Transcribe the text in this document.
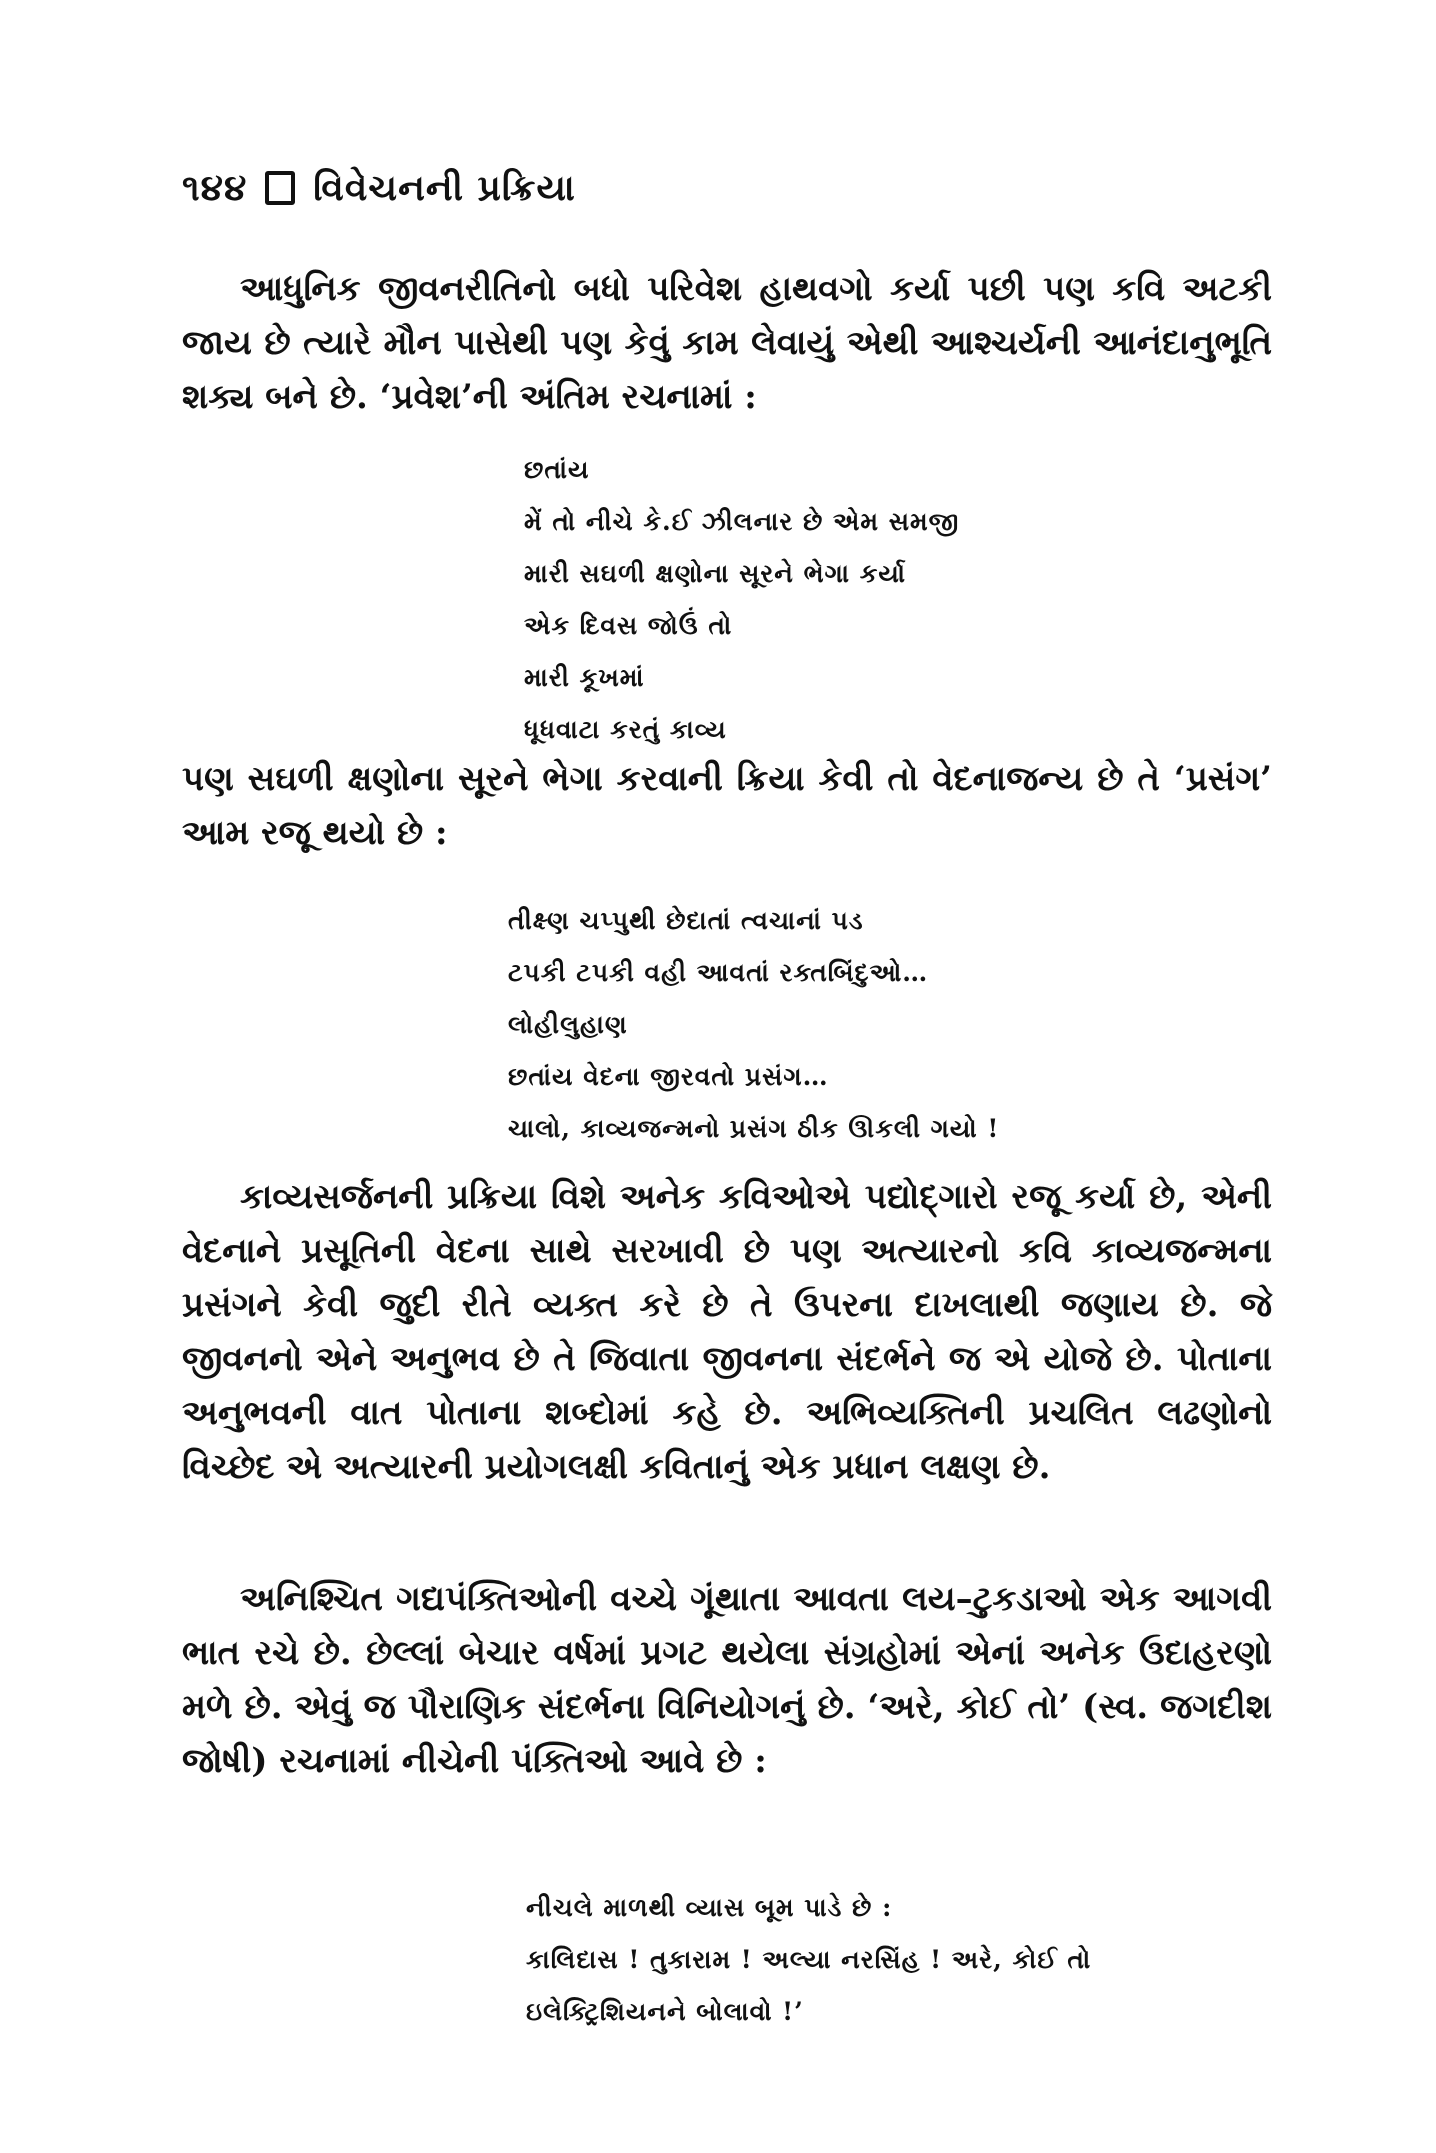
૧૪૪ વિવેચનની પ્રક્રિયા

આધુનિક જીવનરીતિનો બધો પરિવેશ હાથવગો કર્યા પછી પણ કવિ અટકી જાય છે ત્યારે મૌન પાસેથી પણ કેવું કામ લેવાયું એથી આશ્ચર્યની આનંદાનુભૂતિ શક્ય બને છે. ‘પ્રવેશ’ની અંતિમ રચનામાં :

છતાંય
મેં તો નીચે કે.ઈ ઝીલનાર છે એમ સમજી
મારી સઘળી ક્ષણોના સૂરને ભેગા કર્યા
એક દિવસ જોઉં તો
મારી કૂખમાં
ધૂધવાટા કરતું કાવ્ય

પણ સઘળી ક્ષણોના સૂરને ભેગા કરવાની ક્રિયા કેવી તો વેદનાજન્ય છે તે ‘પ્રસંગ’ આમ રજૂ થયો છે :

તીક્ષ્ણ ચપ્પુથી છેદાતાં ત્વચાનાં પડ
ટપકી ટપકી વહી આવતાં રક્તબિંદુઓ…
લોહીલુહાણ
છતાંય વેદના જીરવતો પ્રસંગ…
ચાલો, કાવ્યજન્મનો પ્રસંગ ઠીક ઊકલી ગયો !

કાવ્યસર્જનની પ્રક્રિયા વિશે અનેક કવિઓએ પદ્યોદ્ગારો રજૂ કર્યા છે, એની વેદનાને પ્રસૂતિની વેદના સાથે સરખાવી છે પણ અત્યારનો કવિ કાવ્યજન્મના પ્રસંગને કેવી જુદી રીતે વ્યક્ત કરે છે તે ઉપરના દાખલાથી જણાય છે. જે જીવનનો એને અનુભવ છે તે જિવાતા જીવનના સંદર્ભને જ એ યોજે છે. પોતાના અનુભવની વાત પોતાના શબ્દોમાં કહે છે. અભિવ્યક્તિની પ્રચલિત લઢણોનો વિચ્છેદ એ અત્યારની પ્રયોગલક્ષી કવિતાનું એક પ્રધાન લક્ષણ છે.

અનિશ્ચિત ગદ્યપંક્તિઓની વચ્ચે ગૂંથાતા આવતા લય–ટુકડાઓ એક આગવી ભાત રચે છે. છેલ્લાં બેચાર વર્ષમાં પ્રગટ થયેલા સંગ્રહોમાં એનાં અનેક ઉદાહરણો મળે છે. એવું જ પૌરાણિક સંદર્ભના વિનિયોગનું છે. ‘અરે, કોઈ તો’ (સ્વ. જગદીશ જોષી) રચનામાં નીચેની પંક્તિઓ આવે છે :

નીચલે માળથી વ્યાસ બૂમ પાડે છે :
કાલિદાસ ! તુકારામ ! અલ્યા નરસિંહ ! અરે, કોઈ તો
ઇલેક્ટ્રિશિયનને બોલાવો !’
